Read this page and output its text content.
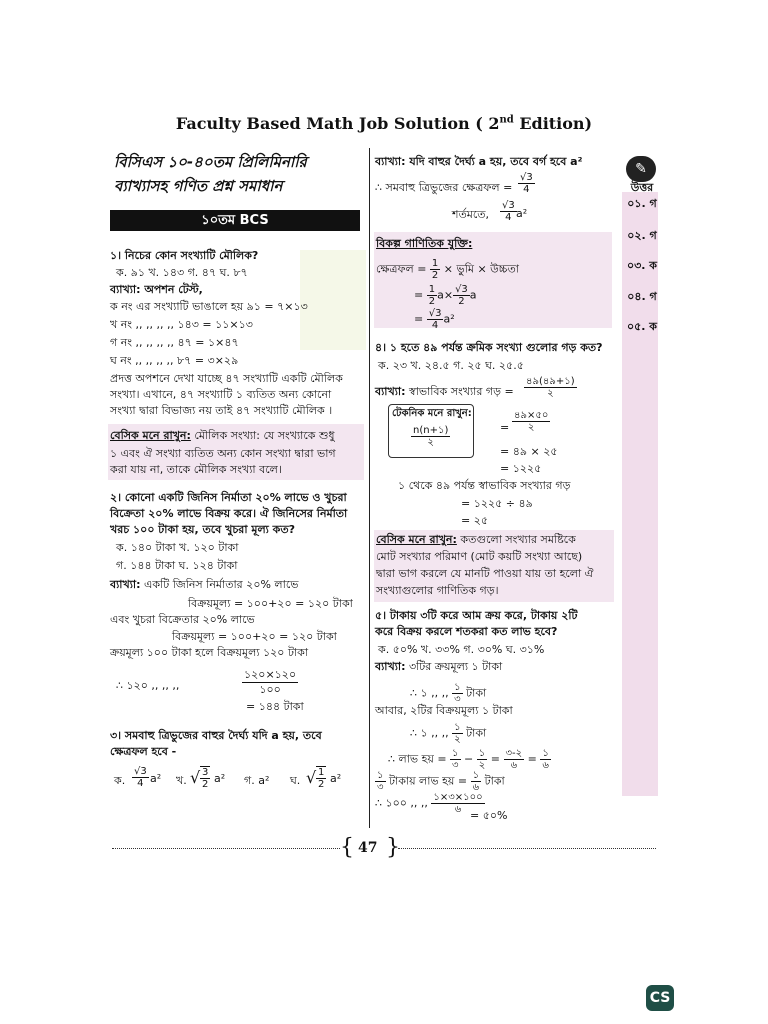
Faculty Based Math Job Solution ( 2nd Edition)
বিসিএস ১০-৪০তম প্রিলিমিনারি
ব্যাখ্যাসহ গণিত প্রশ্ন সমাধান
১০তম BCS
১। নিচের কোন সংখ্যাটি মৌলিক?
ক. ৯১ খ. ১৪৩ গ. ৪৭ ঘ. ৮৭
ব্যাখ্যা: অপশন টেস্ট,
ক নং এর সংখ্যাটি ভাঙালে হয় ৯১ = ৭×১৩
খ নং ,, ,, ,, ,, ১৪৩ = ১১×১৩
গ নং ,, ,, ,, ,, ৪৭ = ১×৪৭
ঘ নং ,, ,, ,, ,, ৮৭ = ৩×২৯
প্রদত্ত অপশনে দেখা যাচ্ছে ৪৭ সংখ্যাটি একটি মৌলিক
সংখ্যা। এখানে, ৪৭ সংখ্যাটি ১ ব্যতিত অন্য কোনো
সংখ্যা দ্বারা বিভাজ্য নয় তাই ৪৭ সংখ্যাটি মৌলিক ।
বেসিক মনে রাখুন: মৌলিক সংখ্যা: যে সংখ্যাকে শুধু
১ এবং ঐ সংখ্যা ব্যতিত অন্য কোন সংখ্যা দ্বারা ভাগ
করা যায় না, তাকে মৌলিক সংখ্যা বলে।
২। কোনো একটি জিনিস নির্মাতা ২০% লাভে ও খুচরা
বিক্রেতা ২০% লাভে বিক্রয় করে। ঐ জিনিসের নির্মাতা
খরচ ১০০ টাকা হয়, তবে খুচরা মূল্য কত?
ক. ১৪০ টাকা খ. ১২০ টাকা
গ. ১৪৪ টাকা ঘ. ১২৪ টাকা
ব্যাখ্যা: একটি জিনিস নির্মাতার ২০% লাভে
বিক্রয়মূল্য = ১০০+২০ = ১২০ টাকা
এবং খুচরা বিক্রেতার ২০% লাভে
বিক্রয়মূল্য = ১০০+২০ = ১২০ টাকা
ক্রয়মূল্য ১০০ টাকা হলে বিক্রয়মূল্য ১২০ টাকা
∴ ১২০ ,, ,, ,,
১২০×১২০
১০০
= ১৪৪ টাকা
৩। সমবাহু ত্রিভুজের বাহুর দৈর্ঘ্য যদি a হয়, তবে
ক্ষেত্রফল হবে -
ক. $\frac{√3}{4} a^2$ খ. √ $\frac{3}{2} a^2$ গ. a² ঘ. √ $\frac{1}{2} a^2$
ব্যাখ্যা: যদি বাহুর দৈর্ঘ্য a হয়, তবে বর্গ হবে a²
∴ সমবাহু ত্রিভুজের ক্ষেত্রফল = $\frac{√3}{4}$
শর্তমতে, $\frac{√3}{4} a^2$
বিকল্প গাণিতিক যুক্তি:
ক্ষেত্রফল = $\frac{1}{2}$ × ভুমি × উচ্চতা
= $\frac{1}{2} a\times \frac{√3}{2}$ a
= $\frac{√3}{4} a^2$
৪। ১ হতে ৪৯ পর্যন্ত ক্রমিক সংখ্যা গুলোর গড় কত?
ক. ২৩ খ. ২৪.৫ গ. ২৫ ঘ. ২৫.৫
ব্যাখ্যা: স্বাভাবিক সংখ্যার গড় =
৪৯(৪৯+১)
২
টেকনিক মনে রাখুন:
n(n+১)
২
=
৪৯×৫০
২
= ৪৯ × ২৫
= ১২২৫
১ থেকে ৪৯ পর্যন্ত স্বাভাবিক সংখ্যার গড়
= ১২২৫ ÷ ৪৯
= ২৫
বেসিক মনে রাখুন: কতগুলো সংখ্যার সমষ্টিকে
মোট সংখ্যার পরিমাণ (মোট কয়টি সংখ্যা আছে)
দ্বারা ভাগ করলে যে মানটি পাওয়া যায় তা হলো ঐ
সংখ্যাগুলোর গাণিতিক গড়।
৫। টাকায় ৩টি করে আম ক্রয় করে, টাকায় ২টি
করে বিক্রয় করলে শতকরা কত লাভ হবে?
ক. ৫০% খ. ৩৩% গ. ৩০% ঘ. ৩১%
ব্যাখ্যা: ৩টির ক্রয়মূল্য ১ টাকা
∴ ১ ,, ,, $\frac{১}{৩}$ টাকা
আবার, ২টির বিক্রয়মূল্য ১ টাকা
∴ ১ ,, ,, $\frac{১}{২}$ টাকা
∴ লাভ হয় = $\frac{১}{৩} - \frac{১}{২} = \frac{৩-২}{৬} = \frac{১}{৬}$
$\frac{১}{৩}$ টাকায় লাভ হয় = $\frac{১}{৬}$ টাকা
∴ ১০০ ,, ,, $\frac{১\times ৩\times ১০০}{৬}$
= ৫০%
✎
উত্তর
০১. গ
০২. গ
০৩. ক
০৪. গ
০৫. ক
{ 47 }
CS
